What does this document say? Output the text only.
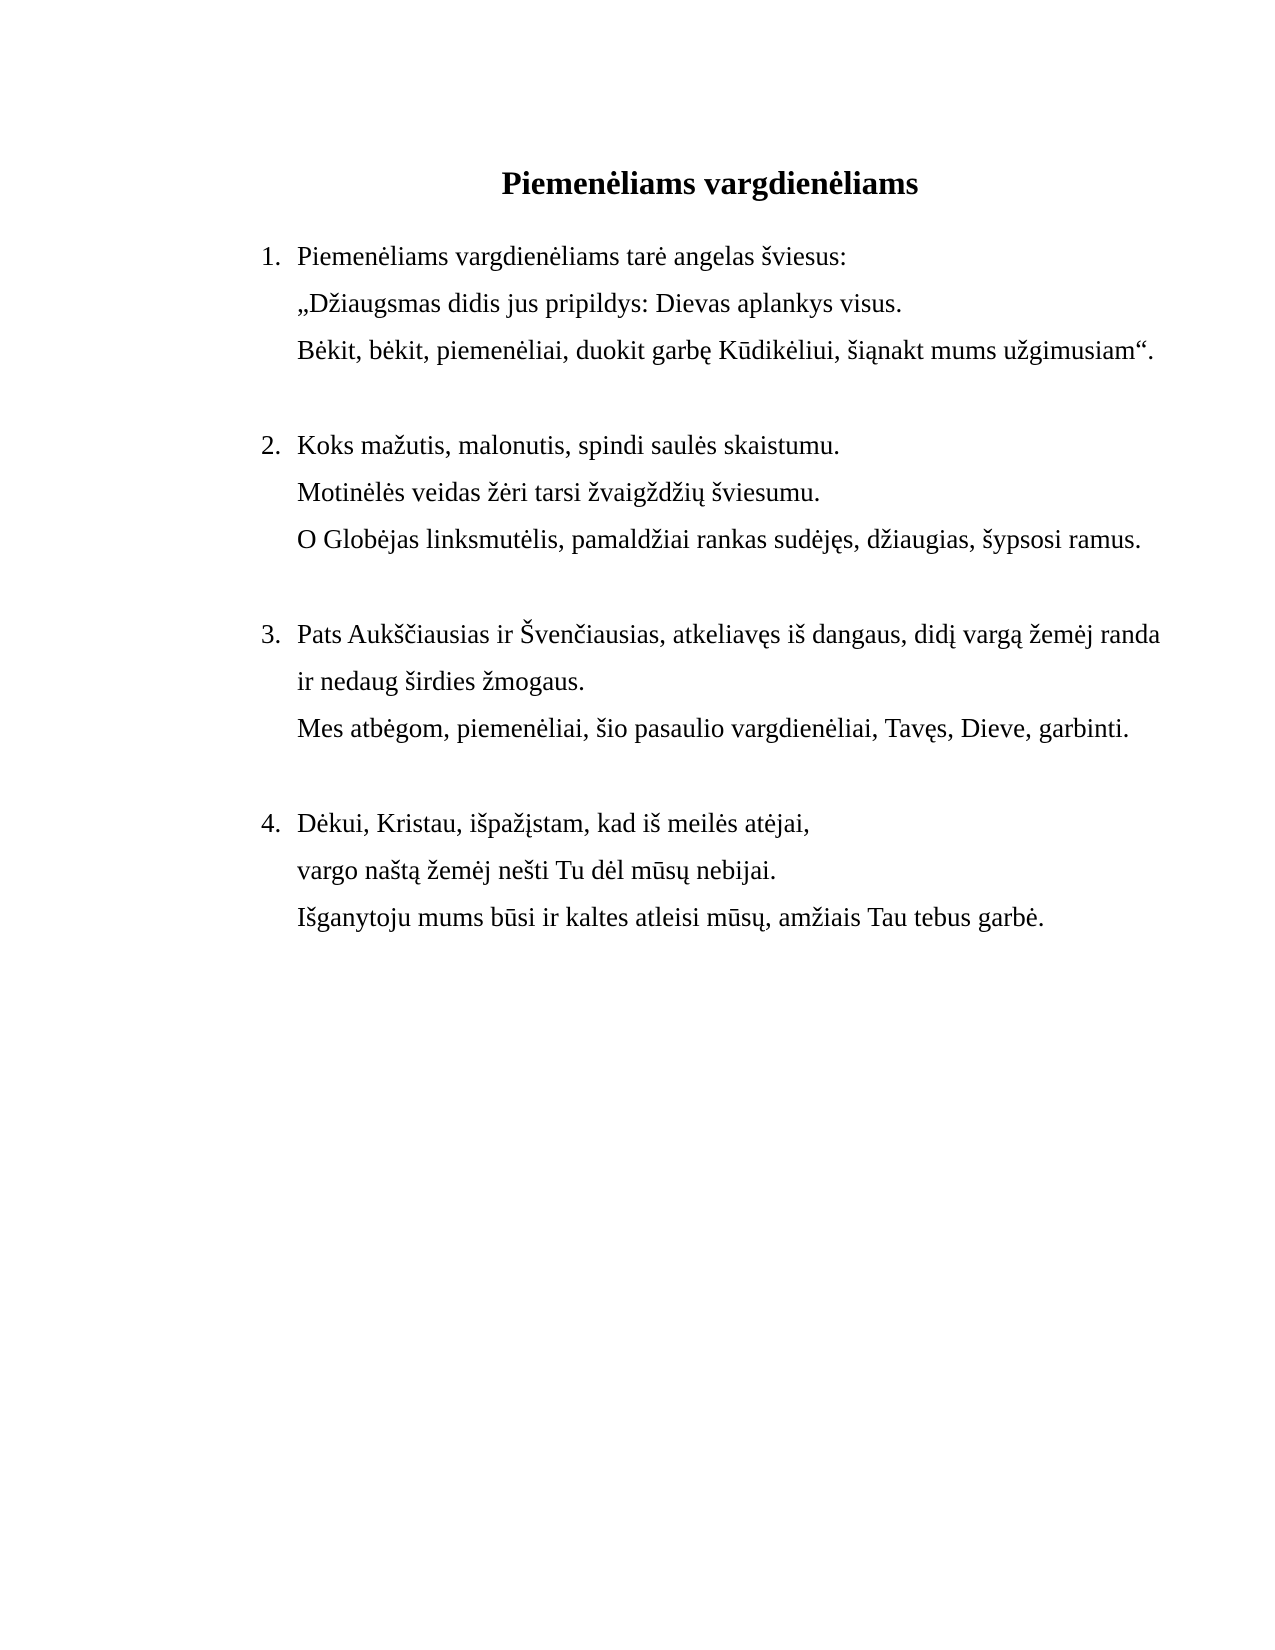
Piemenėliams vargdienėliams
1. Piemenėliams vargdienėliams tarė angelas šviesus:
„Džiaugsmas didis jus pripildys: Dievas aplankys visus.
Bėkit, bėkit, piemenėliai, duokit garbę Kūdikėliui, šiąnakt mums užgimusiam“.
2. Koks mažutis, malonutis, spindi saulės skaistumu.
Motinėlės veidas žėri tarsi žvaigždžių šviesumu.
O Globėjas linksmutėlis, pamaldžiai rankas sudėjęs, džiaugias, šypsosi ramus.
3. Pats Aukščiausias ir Švenčiausias, atkeliavęs iš dangaus, didį vargą žemėj randa
ir nedaug širdies žmogaus.
Mes atbėgom, piemenėliai, šio pasaulio vargdienėliai, Tavęs, Dieve, garbinti.
4. Dėkui, Kristau, išpažįstam, kad iš meilės atėjai,
vargo naštą žemėj nešti Tu dėl mūsų nebijai.
Išganytoju mums būsi ir kaltes atleisi mūsų, amžiais Tau tebus garbė.
